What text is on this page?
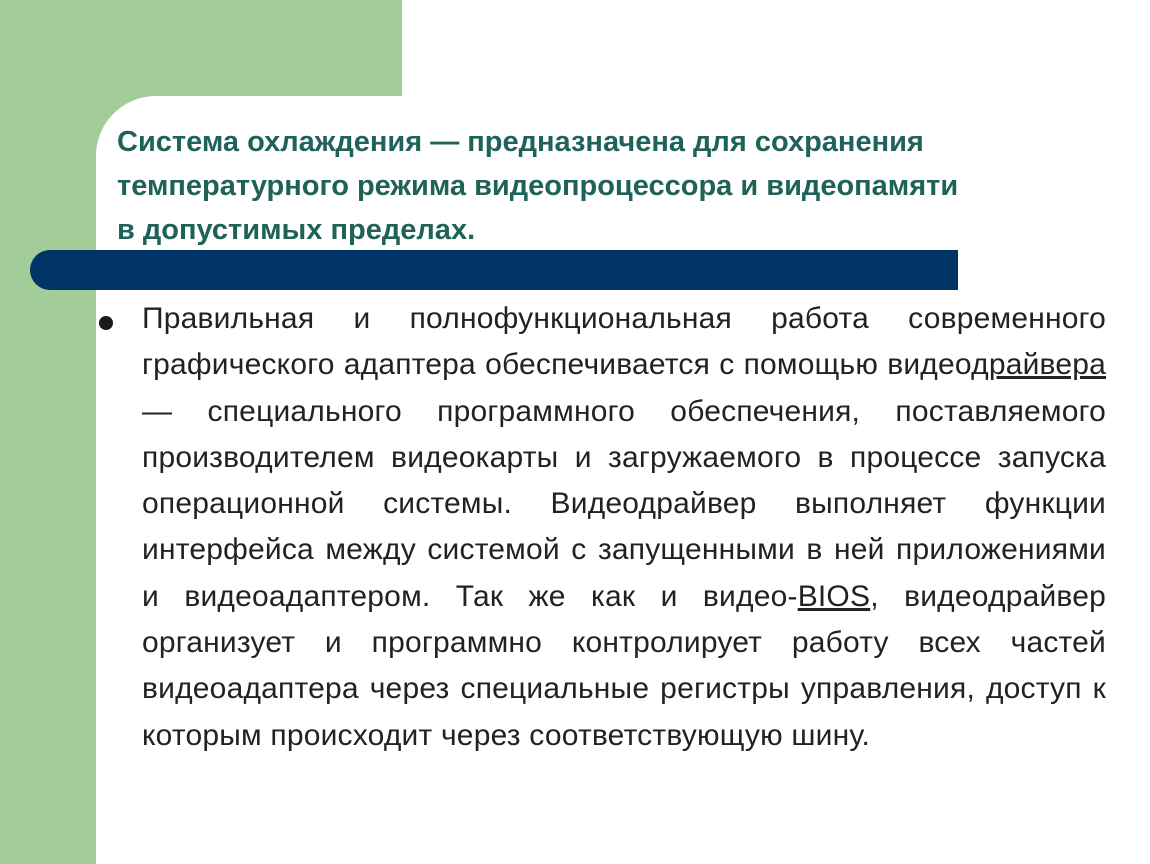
Система охлаждения — предназначена для сохранения
температурного режима видеопроцессора и видеопамяти
в допустимых пределах.

Правильная и полнофункциональная работа современного графического адаптера обеспечивается с помощью видеодрайвера — специального программного обеспечения, поставляемого производителем видеокарты и загружаемого в процессе запуска операционной системы. Видеодрайвер выполняет функции интерфейса между системой с запущенными в ней приложениями и видеоадаптером. Так же как и видео-BIOS, видеодрайвер организует и программно контролирует работу всех частей видеоадаптера через специальные регистры управления, доступ к которым происходит через соответствующую шину.
